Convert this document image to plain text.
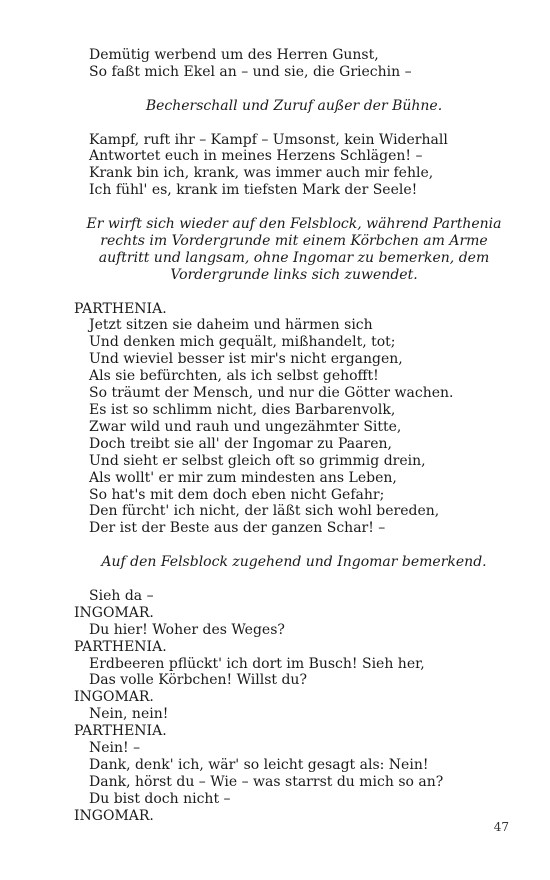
Demütig werbend um des Herren Gunst,
So faßt mich Ekel an – und sie, die Griechin –
Becherschall und Zuruf außer der Bühne.
Kampf, ruft ihr – Kampf – Umsonst, kein Widerhall
Antwortet euch in meines Herzens Schlägen! –
Krank bin ich, krank, was immer auch mir fehle,
Ich fühl' es, krank im tiefsten Mark der Seele!
Er wirft sich wieder auf den Felsblock, während Parthenia rechts im Vordergrunde mit einem Körbchen am Arme auftritt und langsam, ohne Ingomar zu bemerken, dem Vordergrunde links sich zuwendet.
PARTHENIA.
Jetzt sitzen sie daheim und härmen sich
Und denken mich gequält, mißhandelt, tot;
Und wieviel besser ist mir's nicht ergangen,
Als sie befürchten, als ich selbst gehofft!
So träumt der Mensch, und nur die Götter wachen.
Es ist so schlimm nicht, dies Barbarenvolk,
Zwar wild und rauh und ungezähmter Sitte,
Doch treibt sie all' der Ingomar zu Paaren,
Und sieht er selbst gleich oft so grimmig drein,
Als wollt' er mir zum mindesten ans Leben,
So hat's mit dem doch eben nicht Gefahr;
Den fürcht' ich nicht, der läßt sich wohl bereden,
Der ist der Beste aus der ganzen Schar! –
Auf den Felsblock zugehend und Ingomar bemerkend.
Sieh da –
INGOMAR.
Du hier! Woher des Weges?
PARTHENIA.
Erdbeeren pflückt' ich dort im Busch! Sieh her,
Das volle Körbchen! Willst du?
INGOMAR.
Nein, nein!
PARTHENIA.
Nein! –
Dank, denk' ich, wär' so leicht gesagt als: Nein!
Dank, hörst du – Wie – was starrst du mich so an?
Du bist doch nicht –
INGOMAR.
47
